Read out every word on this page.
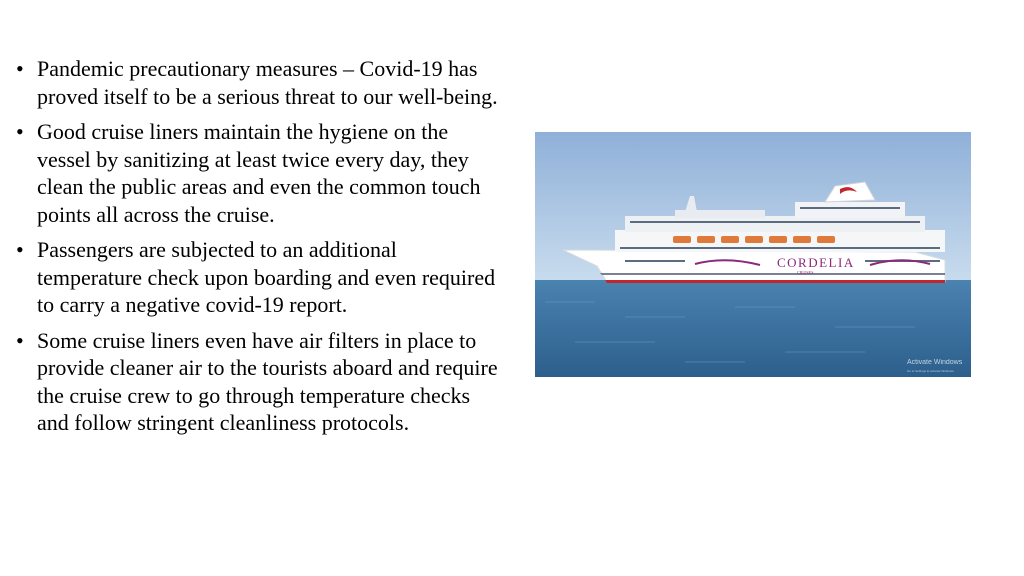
• Pandemic precautionary measures – Covid-19 has proved itself to be a serious threat to our well-being.
• Good cruise liners maintain the hygiene on the vessel by sanitizing at least twice every day, they clean the public areas and even the common touch points all across the cruise.
• Passengers are subjected to an additional temperature check upon boarding and even required to carry a negative covid-19 report.
• Some cruise liners even have air filters in place to provide cleaner air to the tourists aboard and require the cruise crew to go through temperature checks and follow stringent cleanliness protocols.
CORDELIA
CRUISES
Activate Windows
Go to Settings to activate Windows.
